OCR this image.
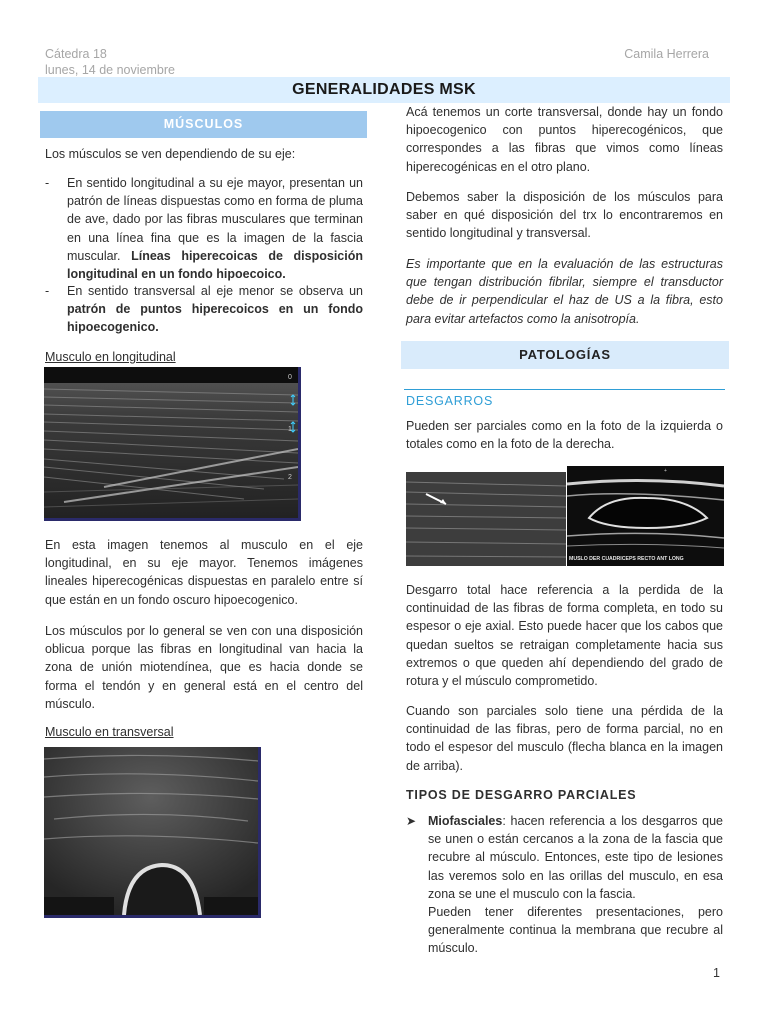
Cátedra 18
lunes, 14 de noviembre
Camila Herrera
GENERALIDADES MSK
MÚSCULOS

Los músculos se ven dependiendo de su eje:

- En sentido longitudinal a su eje mayor, presentan un patrón de líneas dispuestas como en forma de pluma de ave, dado por las fibras musculares que terminan en una línea fina que es la imagen de la fascia muscular. Líneas hiperecoicas de disposición longitudinal en un fondo hipoecoico.

- En sentido transversal al eje menor se observa un patrón de puntos hiperecoicos en un fondo hipoecogenico.

Musculo en longitudinal
0
1
2

En esta imagen tenemos al musculo en el eje longitudinal, en su eje mayor. Tenemos imágenes lineales hiperecogénicas dispuestas en paralelo entre sí que están en un fondo oscuro hipoecogenico.

Los músculos por lo general se ven con una disposición oblicua porque las fibras en longitudinal van hacia la zona de unión miotendínea, que es hacia donde se forma el tendón y en general está en el centro del músculo.

Musculo en transversal

Acá tenemos un corte transversal, donde hay un fondo hipoecogenico con puntos hiperecogénicos, que correspondes a las fibras que vimos como líneas hiperecogénicas en el otro plano.

Debemos saber la disposición de los músculos para saber en qué disposición del trx lo encontraremos en sentido longitudinal y transversal.

Es importante que en la evaluación de las estructuras que tengan distribución fibrilar, siempre el transductor debe de ir perpendicular el haz de US a la fibra, esto para evitar artefactos como la anisotropía.

PATOLOGÍAS
DESGARROS

Pueden ser parciales como en la foto de la izquierda o totales como en la foto de la derecha.

+
MUSLO DER CUADRICEPS RECTO ANT LONG

Desgarro total hace referencia a la perdida de la continuidad de las fibras de forma completa, en todo su espesor o eje axial. Esto puede hacer que los cabos que quedan sueltos se retraigan completamente hacia sus extremos o que queden ahí dependiendo del grado de rotura y el músculo comprometido.

Cuando son parciales solo tiene una pérdida de la continuidad de las fibras, pero de forma parcial, no en todo el espesor del musculo (flecha blanca en la imagen de arriba).

TIPOS DE DESGARRO PARCIALES
➤ Miofasciales: hacen referencia a los desgarros que se unen o están cercanos a la zona de la fascia que recubre al músculo. Entonces, este tipo de lesiones las veremos solo en las orillas del musculo, en esa zona se une el musculo con la fascia.

Pueden tener diferentes presentaciones, pero generalmente continua la membrana que recubre al músculo.

1
